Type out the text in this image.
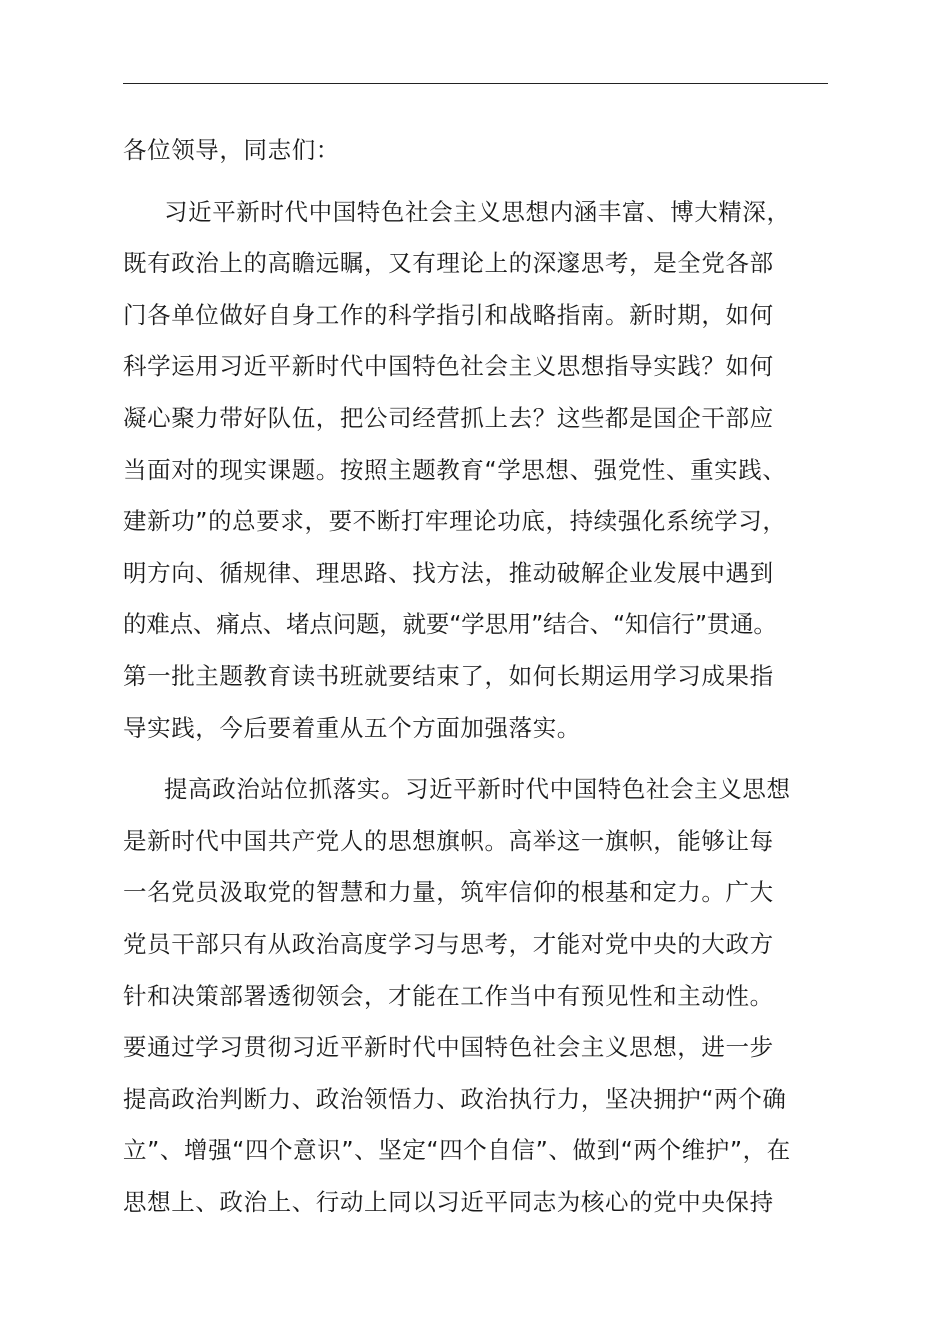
各位领导，同志们：
习近平新时代中国特色社会主义思想内涵丰富、博大精深，
既有政治上的高瞻远瞩，又有理论上的深邃思考，是全党各部
门各单位做好自身工作的科学指引和战略指南。新时期，如何
科学运用习近平新时代中国特色社会主义思想指导实践？如何
凝心聚力带好队伍，把公司经营抓上去？这些都是国企干部应
当面对的现实课题。按照主题教育“学思想、强党性、重实践、
建新功”的总要求，要不断打牢理论功底，持续强化系统学习，
明方向、循规律、理思路、找方法，推动破解企业发展中遇到
的难点、痛点、堵点问题，就要“学思用”结合、“知信行”贯通。
第一批主题教育读书班就要结束了，如何长期运用学习成果指
导实践，今后要着重从五个方面加强落实。
提高政治站位抓落实。习近平新时代中国特色社会主义思想
是新时代中国共产党人的思想旗帜。高举这一旗帜，能够让每
一名党员汲取党的智慧和力量，筑牢信仰的根基和定力。广大
党员干部只有从政治高度学习与思考，才能对党中央的大政方
针和决策部署透彻领会，才能在工作当中有预见性和主动性。
要通过学习贯彻习近平新时代中国特色社会主义思想，进一步
提高政治判断力、政治领悟力、政治执行力，坚决拥护“两个确
立”、增强“四个意识”、坚定“四个自信”、做到“两个维护”，在
思想上、政治上、行动上同以习近平同志为核心的党中央保持
